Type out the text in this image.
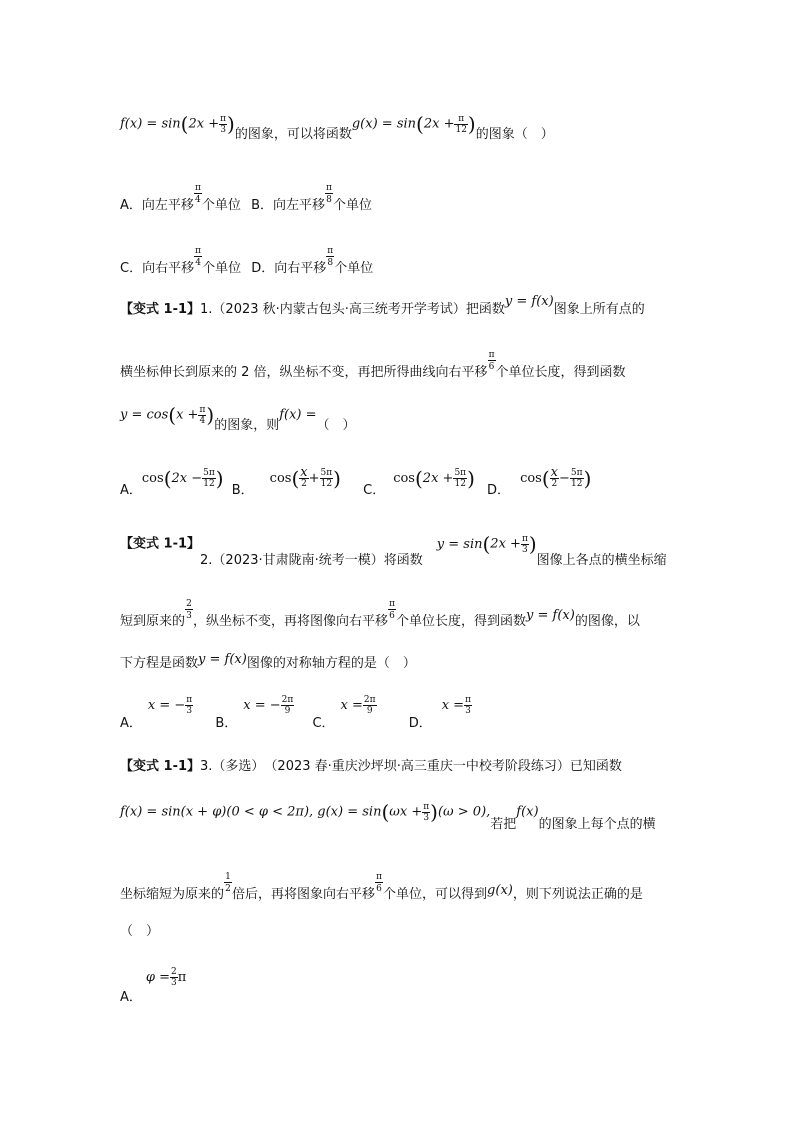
$f(x) = \sin(2x + \frac{\pi}{3}$ )的图象，可以将函数$g(x) = \sin(2x + \frac{\pi}{12}$ )的图象（　）
A．向左平移
$\frac{\pi}{4}$
个单位 B．向左平移
$\frac{\pi}{8}$
个单位
C．向右平移
$\frac{\pi}{4}$
个单位 D．向右平移
$\frac{\pi}{8}$
个单位
【变式 1-1】1.（2023 秋·内蒙古包头·高三统考开学考试）把函数y = f(x)图象上所有点的
横坐标伸长到原来的 2 倍，纵坐标不变，再把所得曲线向右平移
$\frac{\pi}{6}$
个单位长度，得到函数
$y = \cos(x + \frac{\pi}{4}$ )的图象，则f(x) =（　）
A．$\cos(2x - \frac{5\pi}{12}$ ) B．$\cos( \frac{x}{2} + \frac{5\pi}{12}$ ) C．$\cos(2x + \frac{5\pi}{12}$ ) D．$\cos( \frac{x}{2} - \frac{5\pi}{12}$ )
【变式 1-1】2.（2023·甘肃陇南·统考一模）将函数$y = \sin(2x + \frac{\pi}{3}$ )图像上各点的横坐标缩
短到原来的
$\frac{2}{3}$
，纵坐标不变，再将图像向右平移
$\frac{\pi}{6}$
个单位长度，得到函数y = f(x)的图像，以
下方程是函数y = f(x)图像的对称轴方程的是（　）
A．x = − $\frac{\pi}{3}$
B．x = − $\frac{2\pi}{9}$
C．$x = \frac{2\pi}{9}$
D．$x = \frac{\pi}{3}$
【变式 1-1】3.（多选）　（2023 春·重庆沙坪坝·高三重庆一中校考阶段练习）已知函数
f(x) = sin(x + φ)(0 < φ < 2π), $g(x) = \sin(\omega x + \frac{\pi}{3} )(\omega > 0)$,若把f(x)的图象上每个点的横
坐标缩短为原来的
$\frac{1}{2}$
倍后，再将图象向右平移
$\frac{\pi}{6}$
个单位，可以得到g(x)，则下列说法正确的是
（　）
A．$\varphi = \frac{2}{3}$ π
